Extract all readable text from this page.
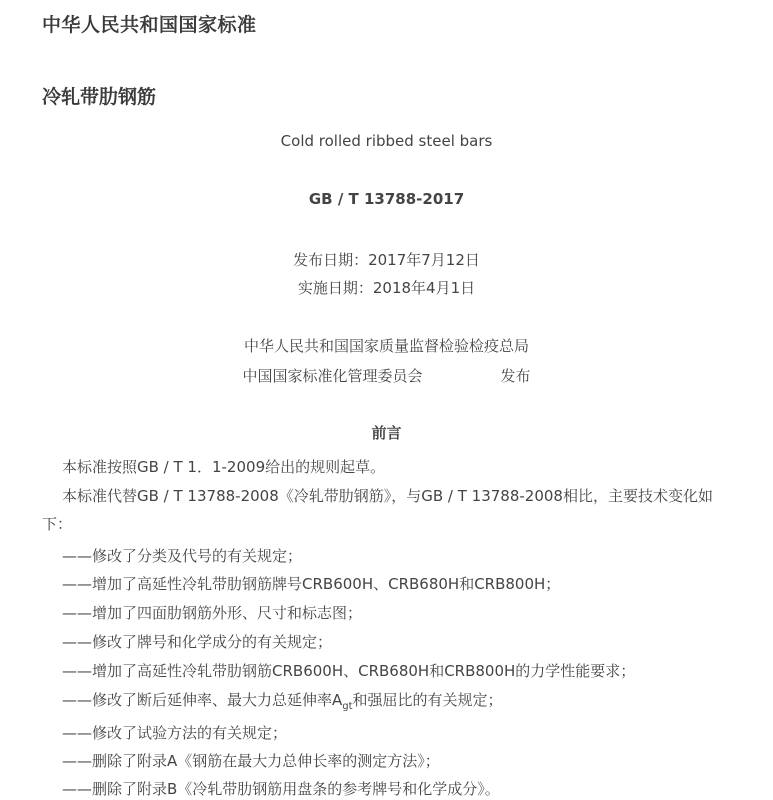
中华人民共和国国家标准
冷轧带肋钢筋
Cold rolled ribbed steel bars
GB / T 13788-2017
发布日期：2017年7月12日
实施日期：2018年4月1日
中华人民共和国国家质量监督检验检疫总局
中国国家标准化管理委员会	发布
前言
本标准按照GB / T 1．1-2009给出的规则起草。
本标准代替GB / T 13788-2008《冷轧带肋钢筋》，与GB / T 13788-2008相比，主要技术变化如下：
——修改了分类及代号的有关规定；
——增加了高延性冷轧带肋钢筋牌号CRB600H、CRB680H和CRB800H；
——增加了四面肋钢筋外形、尺寸和标志图；
——修改了牌号和化学成分的有关规定；
——增加了高延性冷轧带肋钢筋CRB600H、CRB680H和CRB800H的力学性能要求；
——修改了断后延伸率、最大力总延伸率$A_{gt}$和强屈比的有关规定；
——修改了试验方法的有关规定；
——删除了附录A《钢筋在最大力总伸长率的测定方法》；
——删除了附录B《冷轧带肋钢筋用盘条的参考牌号和化学成分》。
